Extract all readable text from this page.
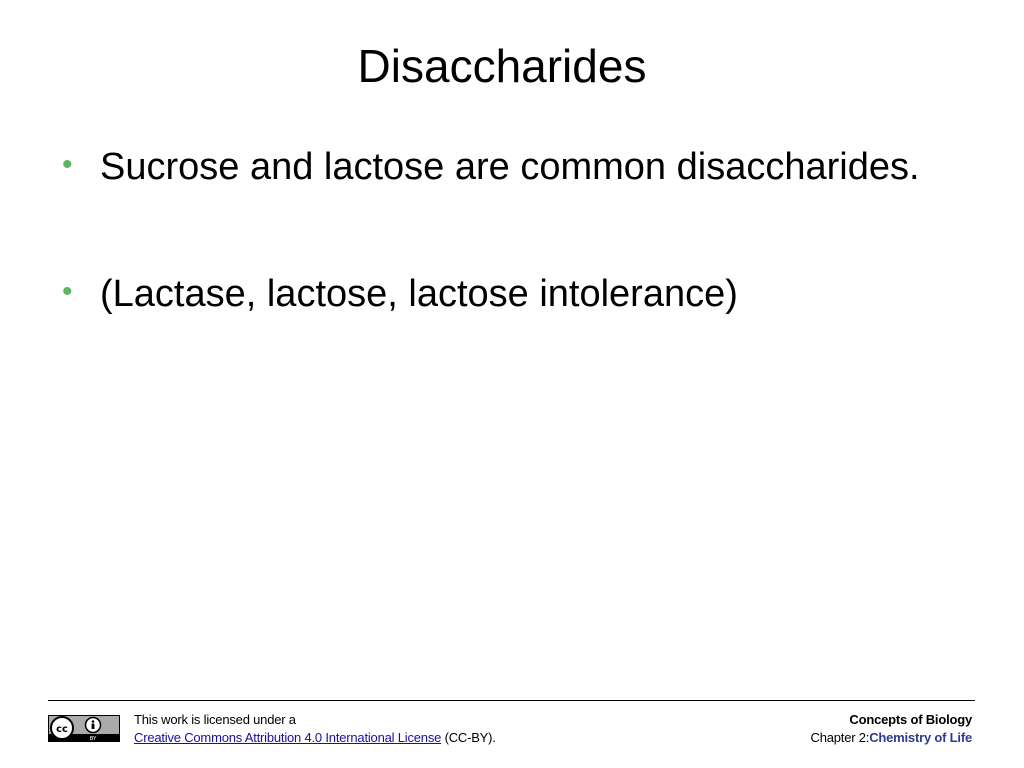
Disaccharides
• Sucrose and lactose are common disaccharides.
• (Lactase, lactose, lactose intolerance)
cc
BY
This work is licensed under a
Creative Commons Attribution 4.0 International License (CC-BY).
Concepts of Biology
Chapter 2:Chemistry of Life
